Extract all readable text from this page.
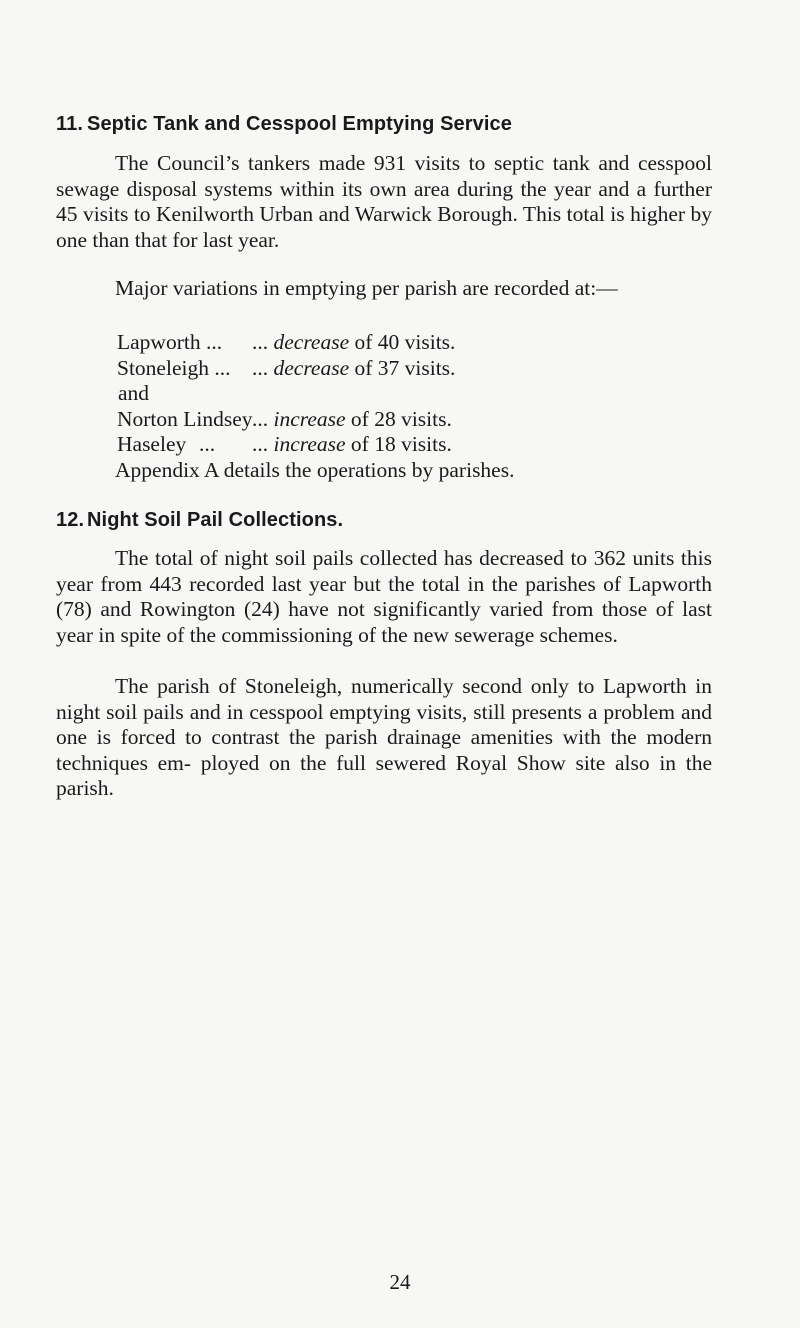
11. Septic Tank and Cesspool Emptying Service

The Council’s tankers made 931 visits to septic tank and cesspool sewage disposal systems within its own area during the year and a further 45 visits to Kenilworth Urban and Warwick Borough. This total is higher by one than that for last year.

Major variations in emptying per parish are recorded at:—

Lapworth ... ... decrease of 40 visits.
Stoneleigh ... ... decrease of 37 visits.
and
Norton Lindsey ... increase of 28 visits.
Haseley ... ... increase of 18 visits.
Appendix A details the operations by parishes.
12. Night Soil Pail Collections.

The total of night soil pails collected has decreased to 362 units this year from 443 recorded last year but the total in the parishes of Lapworth (78) and Rowington (24) have not significantly varied from those of last year in spite of the commissioning of the new sewerage schemes.

The parish of Stoneleigh, numerically second only to Lapworth in night soil pails and in cesspool emptying visits, still presents a problem and one is forced to contrast the parish drainage amenities with the modern techniques em- ployed on the full sewered Royal Show site also in the parish.

24
